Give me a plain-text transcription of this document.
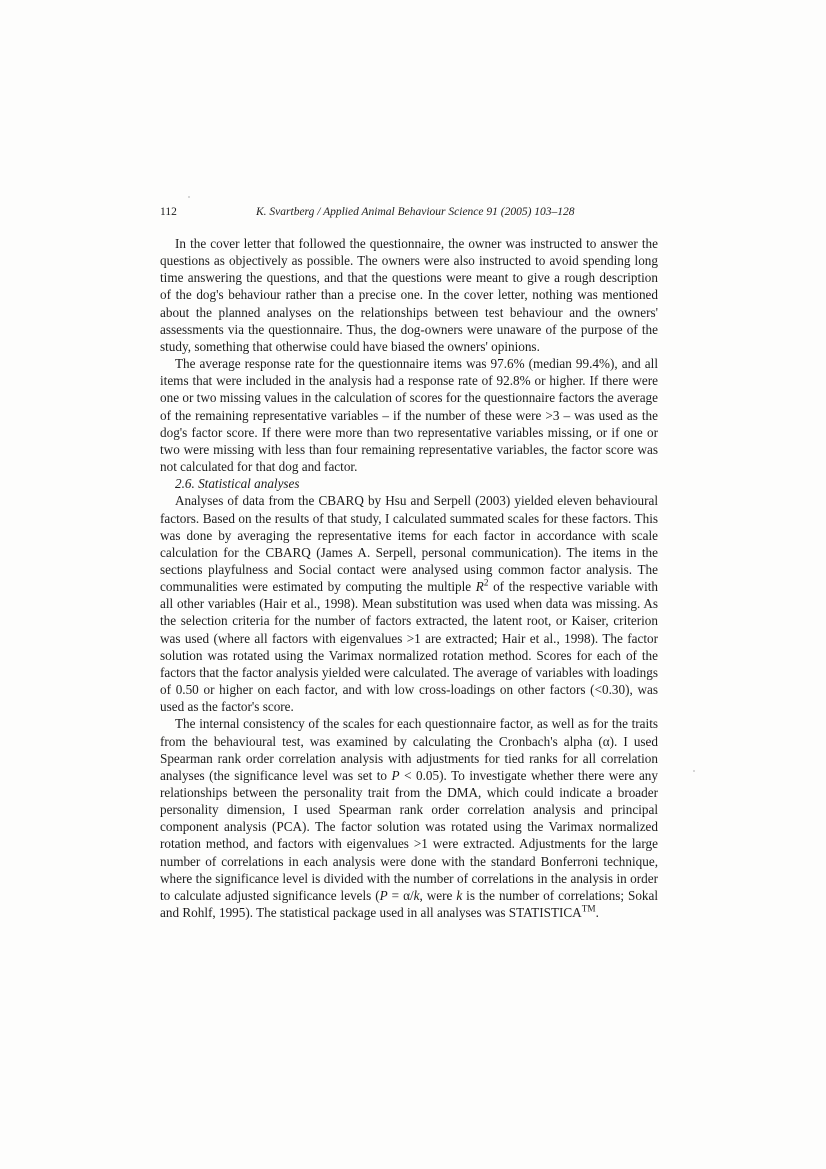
112	K. Svartberg / Applied Animal Behaviour Science 91 (2005) 103–128

In the cover letter that followed the questionnaire, the owner was instructed to answer the questions as objectively as possible. The owners were also instructed to avoid spending long time answering the questions, and that the questions were meant to give a rough description of the dog's behaviour rather than a precise one. In the cover letter, nothing was mentioned about the planned analyses on the relationships between test behaviour and the owners' assessments via the questionnaire. Thus, the dog-owners were unaware of the purpose of the study, something that otherwise could have biased the owners' opinions.

The average response rate for the questionnaire items was 97.6% (median 99.4%), and all items that were included in the analysis had a response rate of 92.8% or higher. If there were one or two missing values in the calculation of scores for the questionnaire factors the average of the remaining representative variables – if the number of these were >3 – was used as the dog's factor score. If there were more than two representative variables missing, or if one or two were missing with less than four remaining representative variables, the factor score was not calculated for that dog and factor.

2.6. Statistical analyses

Analyses of data from the CBARQ by Hsu and Serpell (2003) yielded eleven behavioural factors. Based on the results of that study, I calculated summated scales for these factors. This was done by averaging the representative items for each factor in accordance with scale calculation for the CBARQ (James A. Serpell, personal communication). The items in the sections playfulness and Social contact were analysed using common factor analysis. The communalities were estimated by computing the multiple $R^2$ of the respective variable with all other variables (Hair et al., 1998). Mean substitution was used when data was missing. As the selection criteria for the number of factors extracted, the latent root, or Kaiser, criterion was used (where all factors with eigenvalues >1 are extracted; Hair et al., 1998). The factor solution was rotated using the Varimax normalized rotation method. Scores for each of the factors that the factor analysis yielded were calculated. The average of variables with loadings of 0.50 or higher on each factor, and with low cross-loadings on other factors (<0.30), was used as the factor's score.

The internal consistency of the scales for each questionnaire factor, as well as for the traits from the behavioural test, was examined by calculating the Cronbach's alpha (α). I used Spearman rank order correlation analysis with adjustments for tied ranks for all correlation analyses (the significance level was set to P < 0.05). To investigate whether there were any relationships between the personality trait from the DMA, which could indicate a broader personality dimension, I used Spearman rank order correlation analysis and principal component analysis (PCA). The factor solution was rotated using the Varimax normalized rotation method, and factors with eigenvalues >1 were extracted. Adjustments for the large number of correlations in each analysis were done with the standard Bonferroni technique, where the significance level is divided with the number of correlations in the analysis in order to calculate adjusted significance levels (P = α/k, were k is the number of correlations; Sokal and Rohlf, 1995). The statistical package used in all analyses was STATISTICA™.
